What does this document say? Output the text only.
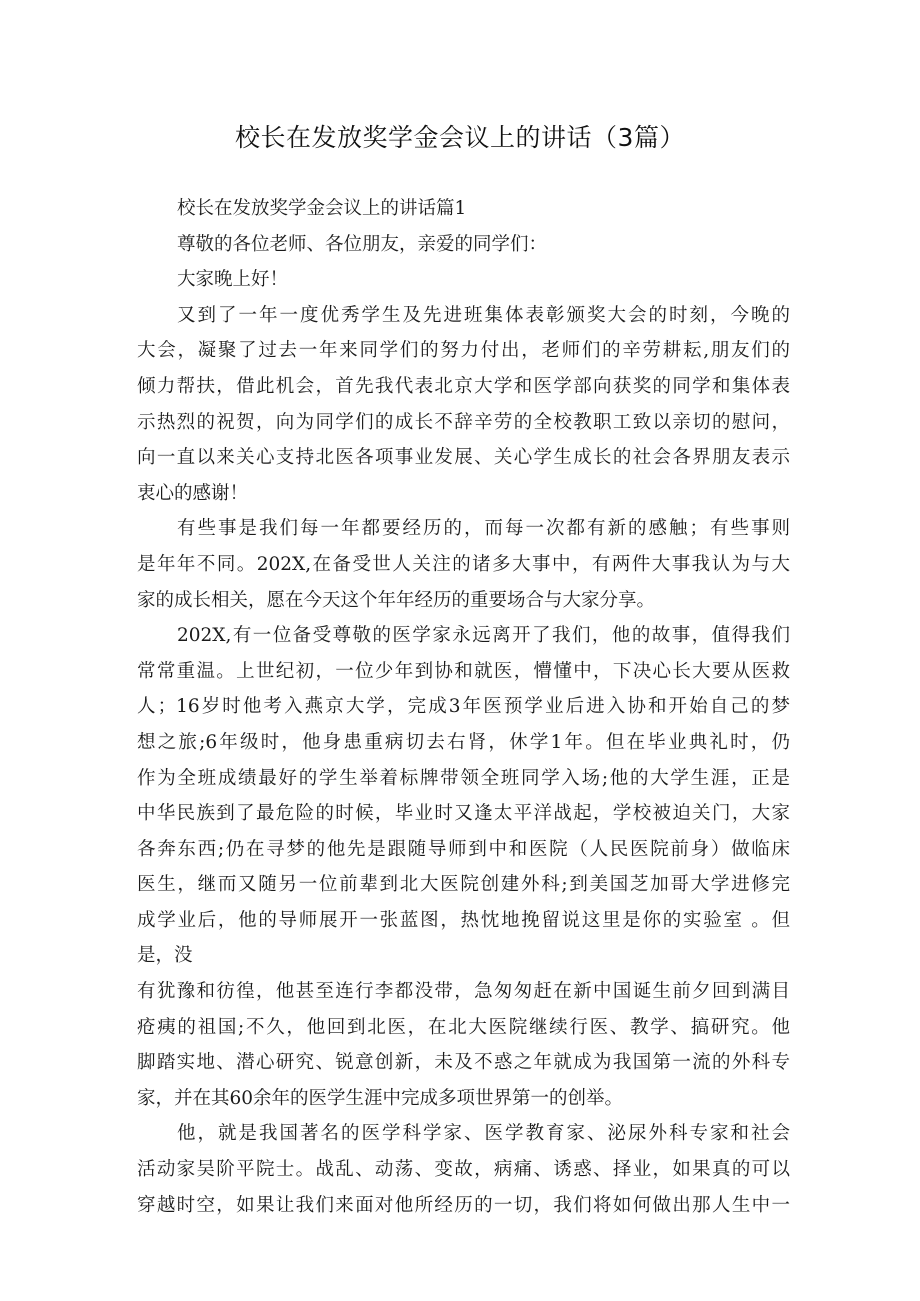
校长在发放奖学金会议上的讲话（3篇）
校长在发放奖学金会议上的讲话篇1
尊敬的各位老师、各位朋友，亲爱的同学们：
大家晚上好！
又到了一年一度优秀学生及先进班集体表彰颁奖大会的时刻，今晚的
大会，凝聚了过去一年来同学们的努力付出，老师们的辛劳耕耘,朋友们的
倾力帮扶，借此机会，首先我代表北京大学和医学部向获奖的同学和集体表
示热烈的祝贺，向为同学们的成长不辞辛劳的全校教职工致以亲切的慰问，
向一直以来关心支持北医各项事业发展、关心学生成长的社会各界朋友表示
衷心的感谢！
有些事是我们每一年都要经历的，而每一次都有新的感触；有些事则
是年年不同。202X,在备受世人关注的诸多大事中，有两件大事我认为与大
家的成长相关，愿在今天这个年年经历的重要场合与大家分享。
202X,有一位备受尊敬的医学家永远离开了我们，他的故事，值得我们
常常重温。上世纪初，一位少年到协和就医，懵懂中，下决心长大要从医救
人；16岁时他考入燕京大学，完成3年医预学业后进入协和开始自己的梦
想之旅;6年级时，他身患重病切去右肾，休学1年。但在毕业典礼时，仍
作为全班成绩最好的学生举着标牌带领全班同学入场;他的大学生涯，正是
中华民族到了最危险的时候，毕业时又逢太平洋战起，学校被迫关门，大家
各奔东西;仍在寻梦的他先是跟随导师到中和医院（人民医院前身）做临床
医生，继而又随另一位前辈到北大医院创建外科;到美国芝加哥大学进修完
成学业后，他的导师展开一张蓝图，热忱地挽留说这里是你的实验室 。但
是，没
有犹豫和彷徨，他甚至连行李都没带，急匆匆赶在新中国诞生前夕回到满目
疮痍的祖国;不久，他回到北医，在北大医院继续行医、教学、搞研究。他
脚踏实地、潜心研究、锐意创新，未及不惑之年就成为我国第一流的外科专
家，并在其60余年的医学生涯中完成多项世界第一的创举。
他，就是我国著名的医学科学家、医学教育家、泌尿外科专家和社会
活动家吴阶平院士。战乱、动荡、变故，病痛、诱惑、择业，如果真的可以
穿越时空，如果让我们来面对他所经历的一切，我们将如何做出那人生中一
